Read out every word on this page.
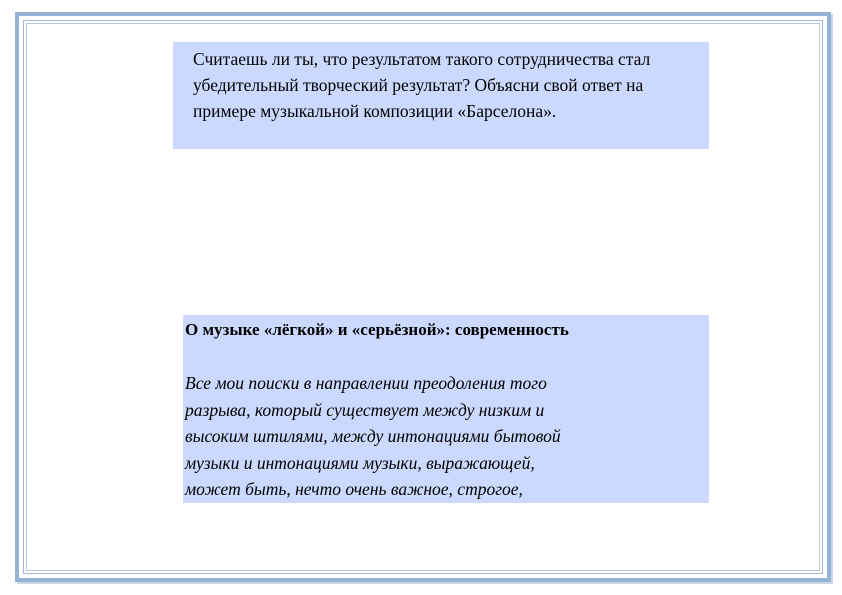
Считаешь ли ты, что результатом такого сотрудничества стал убедительный творческий результат? Объясни свой ответ на примере музыкальной композиции «Барселона».

О музыке «лёгкой» и «серьёзной»: современность

Все мои поиски в направлении преодоления того
разрыва, который существует между низким и
высоким штилями, между интонациями бытовой
музыки и интонациями музыки, выражающей,
может быть, нечто очень важное, строгое,
